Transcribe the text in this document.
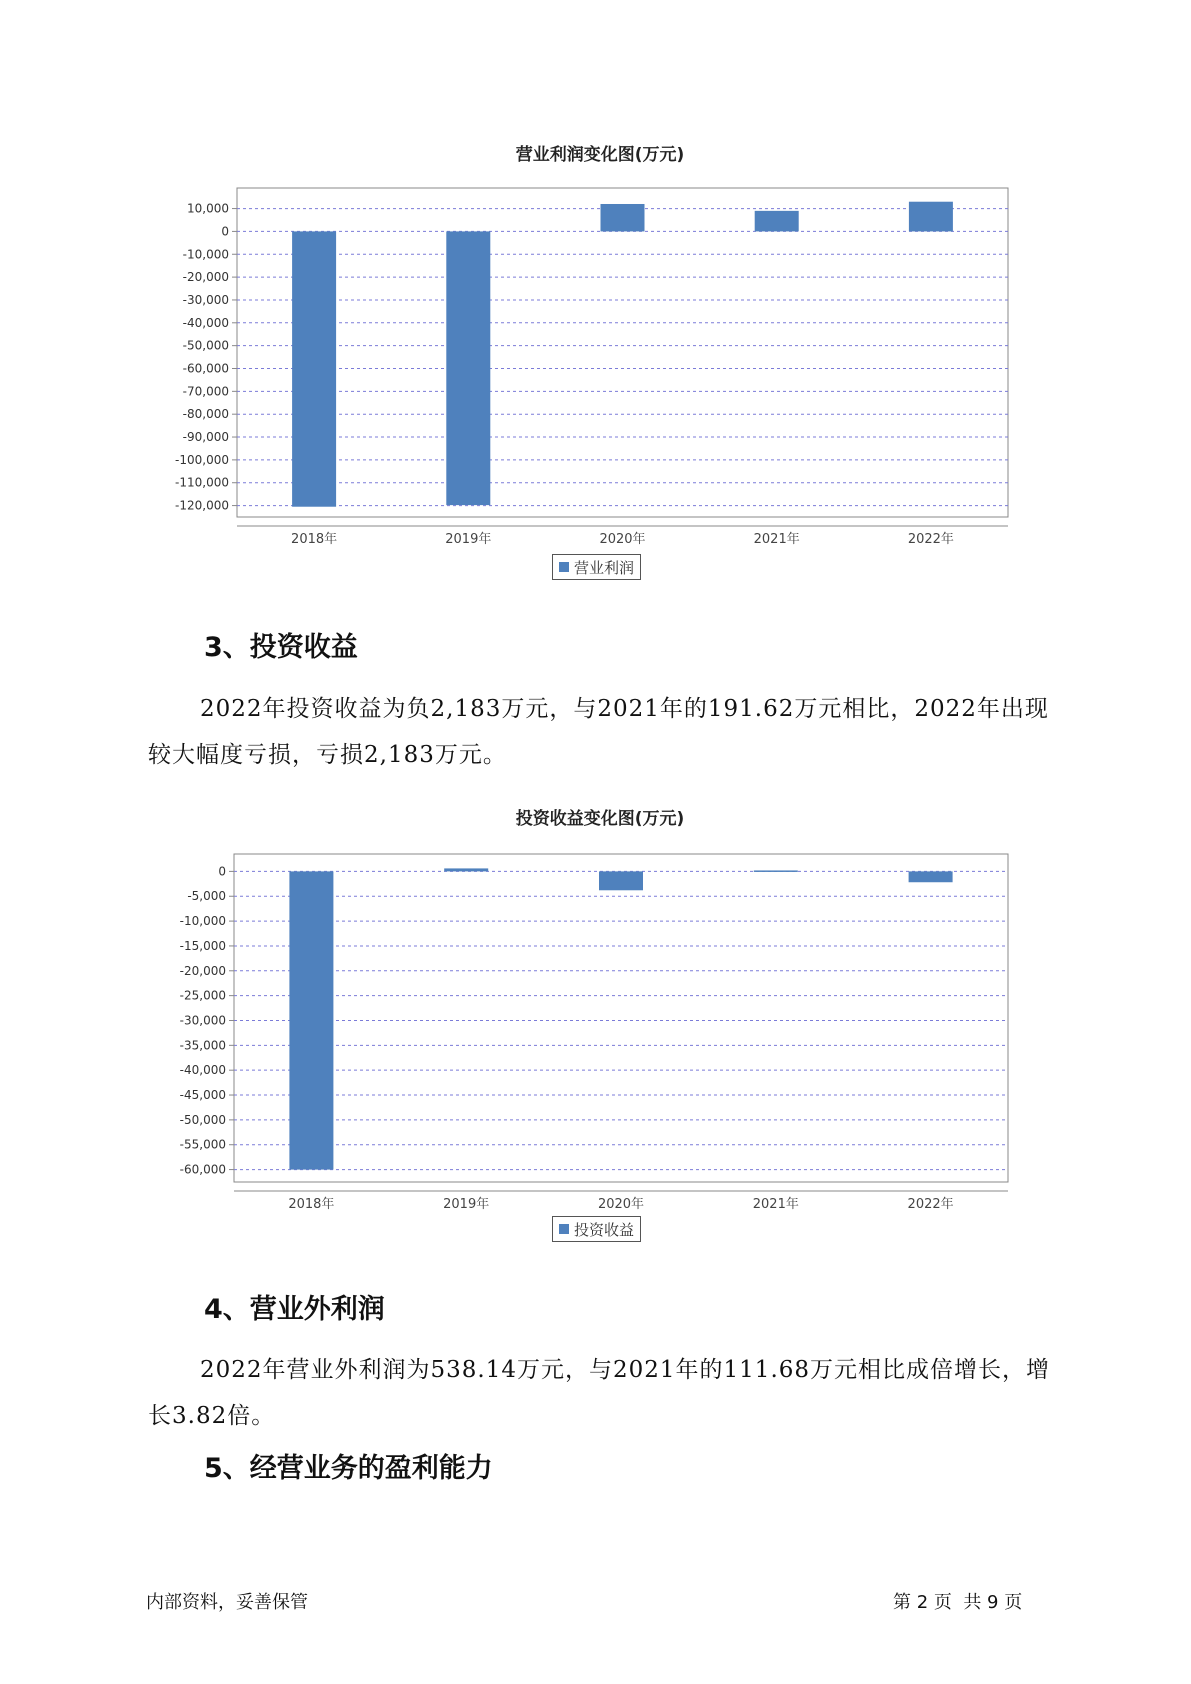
营业利润变化图(万元)
10,000
0
-10,000
-20,000
-30,000
-40,000
-50,000
-60,000
-70,000
-80,000
-90,000
-100,000
-110,000
-120,000
2018年	2019年	2020年	2021年	2022年
营业利润
3、投资收益
2022年投资收益为负2,183万元，与2021年的191.62万元相比，2022年出现较大幅度亏损，亏损2,183万元。
投资收益变化图(万元)
0
-5,000
-10,000
-15,000
-20,000
-25,000
-30,000
-35,000
-40,000
-45,000
-50,000
-55,000
-60,000
2018年	2019年	2020年	2021年	2022年
投资收益
4、营业外利润
2022年营业外利润为538.14万元，与2021年的111.68万元相比成倍增长，增长3.82倍。
5、经营业务的盈利能力
内部资料，妥善保管	第 2 页  共 9 页
